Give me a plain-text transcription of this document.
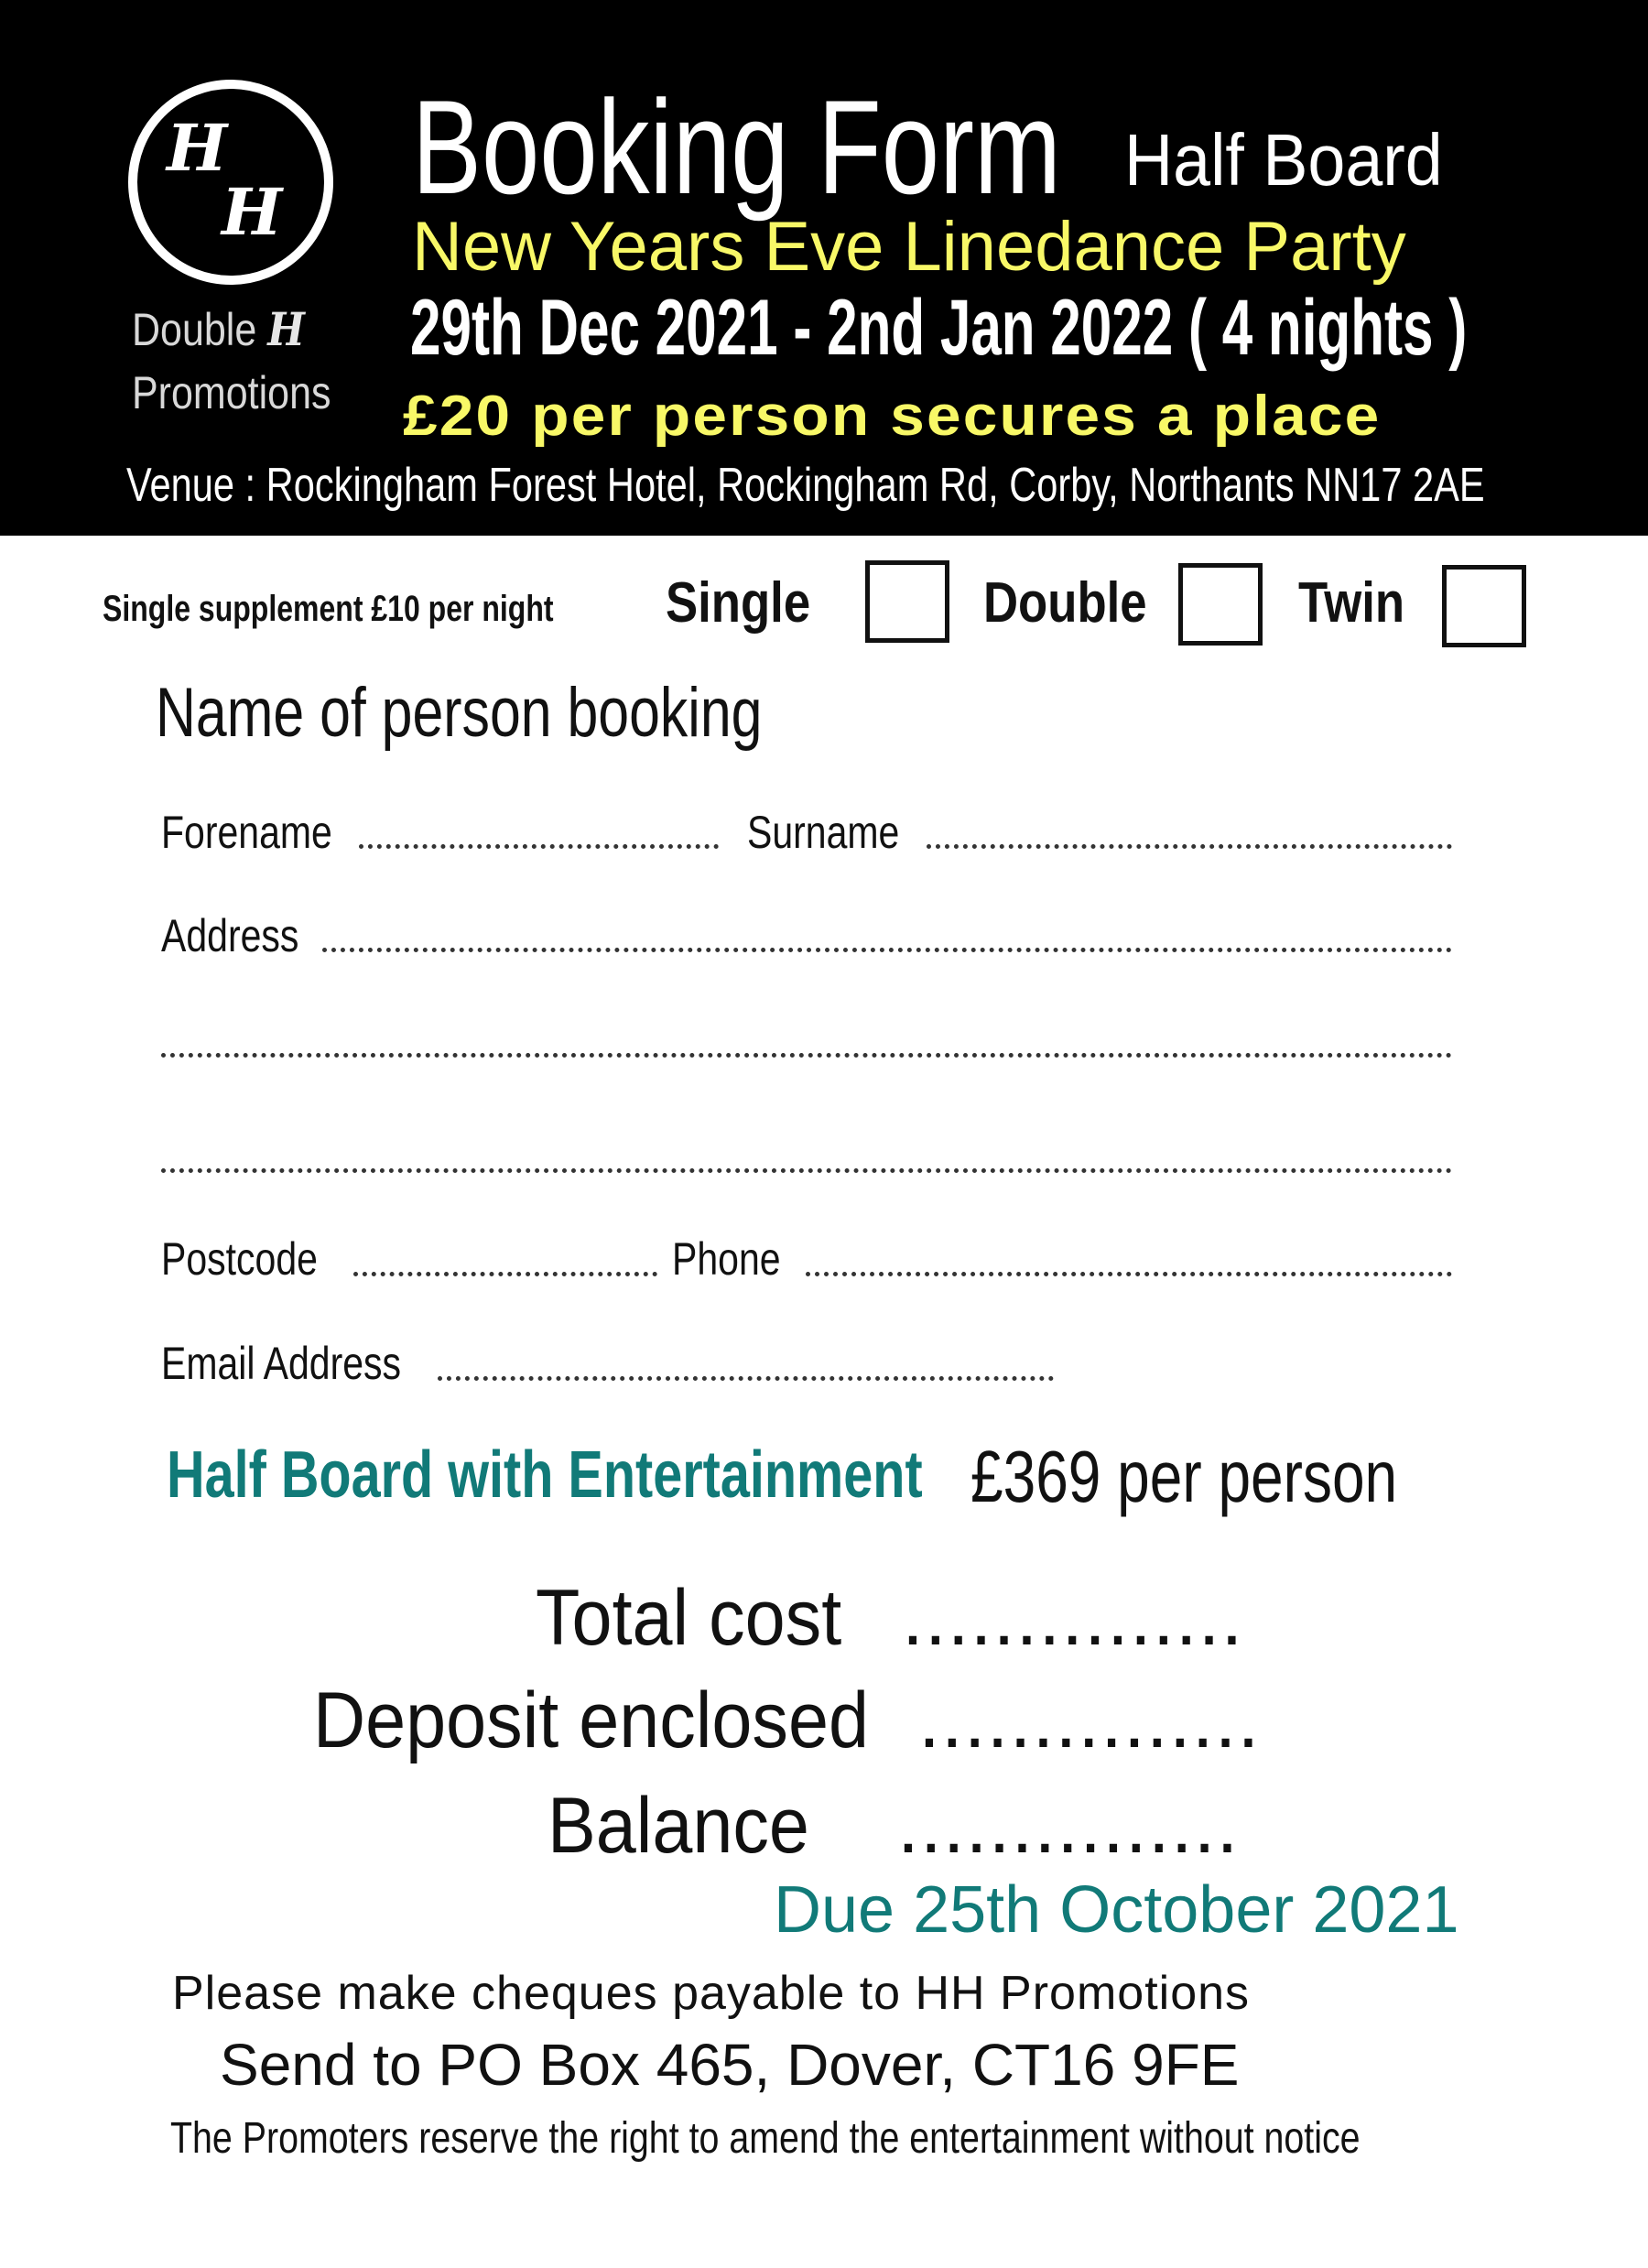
H
H
Double H
Promotions
Booking Form Half Board
New Years Eve Linedance Party
29th Dec 2021 - 2nd Jan 2022 ( 4 nights )
£20 per person secures a place
Venue : Rockingham Forest Hotel, Rockingham Rd, Corby, Northants NN17 2AE
Single supplement £10 per night Single	Double	Twin
Name of person booking
Forename	Surname
Address
Postcode	Phone
Email Address
Half Board with Entertainment £369 per person
Total cost ...............
Deposit enclosed ...............
Balance ...............
Due 25th October 2021
Please make cheques payable to HH Promotions
Send to PO Box 465, Dover, CT16 9FE
The Promoters reserve the right to amend the entertainment without notice
